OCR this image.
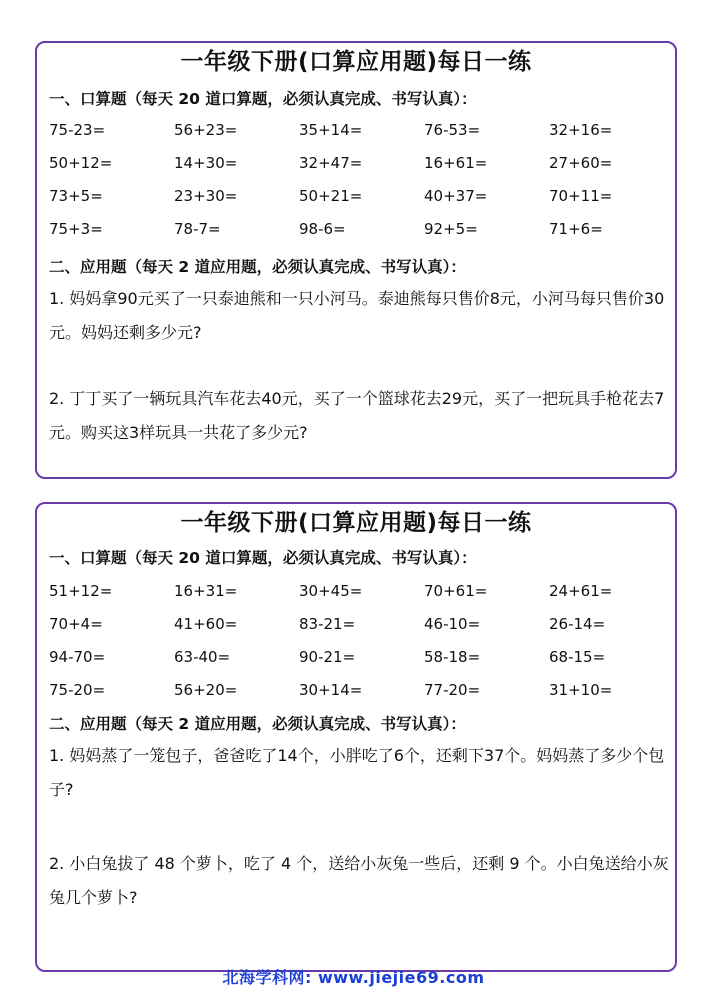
一年级下册(口算应用题)每日一练
一、口算题（每天 20 道口算题，必须认真完成、书写认真）：
75-23=	56+23=	35+14=	76-53=	32+16=
50+12=	14+30=	32+47=	16+61=	27+60=
73+5=	23+30=	50+21=	40+37=	70+11=
75+3=	78-7=	98-6=	92+5=	71+6=
二、应用题（每天 2 道应用题，必须认真完成、书写认真）：
1. 妈妈拿90元买了一只泰迪熊和一只小河马。泰迪熊每只售价8元，小河马每只售价30元。妈妈还剩多少元?
2. 丁丁买了一辆玩具汽车花去40元，买了一个篮球花去29元，买了一把玩具手枪花去7元。购买这3样玩具一共花了多少元?
一年级下册(口算应用题)每日一练
一、口算题（每天 20 道口算题，必须认真完成、书写认真）：
51+12=	16+31=	30+45=	70+61=	24+61=
70+4=	41+60=	83-21=	46-10=	26-14=
94-70=	63-40=	90-21=	58-18=	68-15=
75-20=	56+20=	30+14=	77-20=	31+10=
二、应用题（每天 2 道应用题，必须认真完成、书写认真）：
1. 妈妈蒸了一笼包子，爸爸吃了14个，小胖吃了6个，还剩下37个。妈妈蒸了多少个包子?
2. 小白兔拔了 48 个萝卜，吃了 4 个，送给小灰兔一些后，还剩 9 个。小白兔送给小灰兔几个萝卜?
北海学科网: www.jiejie69.com
